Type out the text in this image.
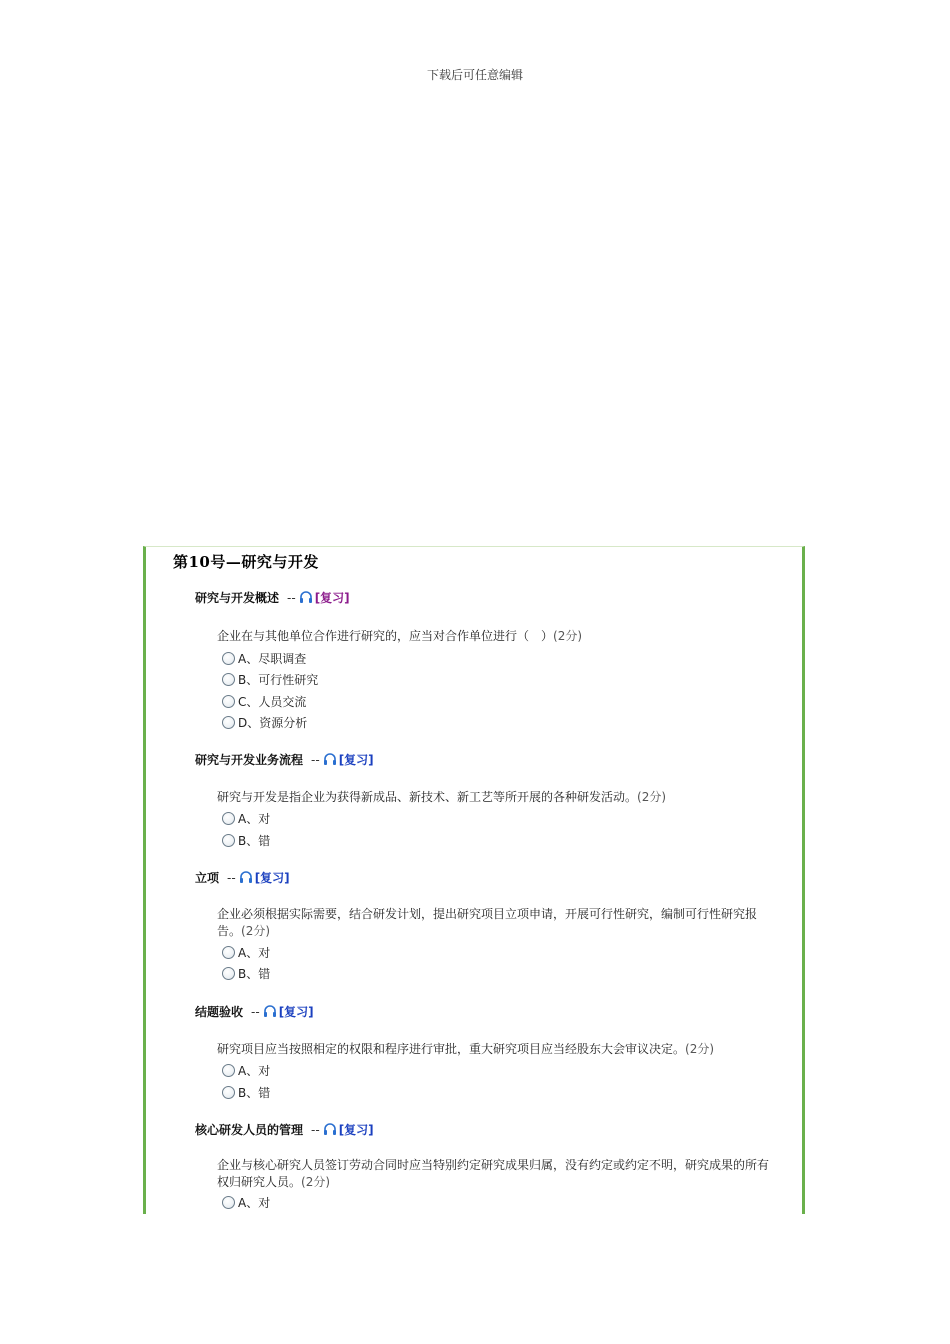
下载后可任意编辑
第10号—研究与开发
研究与开发概述 -- [复习]
企业在与其他单位合作进行研究的，应当对合作单位进行（　）(2分)
A、尽职调查
B、可行性研究
C、人员交流
D、资源分析
研究与开发业务流程 -- [复习]
研究与开发是指企业为获得新成品、新技术、新工艺等所开展的各种研发活动。(2分)
A、对
B、错
立项 -- [复习]
企业必须根据实际需要，结合研发计划，提出研究项目立项申请，开展可行性研究，编制可行性研究报告。(2分)
A、对
B、错
结题验收 -- [复习]
研究项目应当按照相定的权限和程序进行审批，重大研究项目应当经股东大会审议决定。(2分)
A、对
B、错
核心研发人员的管理 -- [复习]
企业与核心研究人员签订劳动合同时应当特别约定研究成果归属，没有约定或约定不明，研究成果的所有权归研究人员。(2分)
A、对
